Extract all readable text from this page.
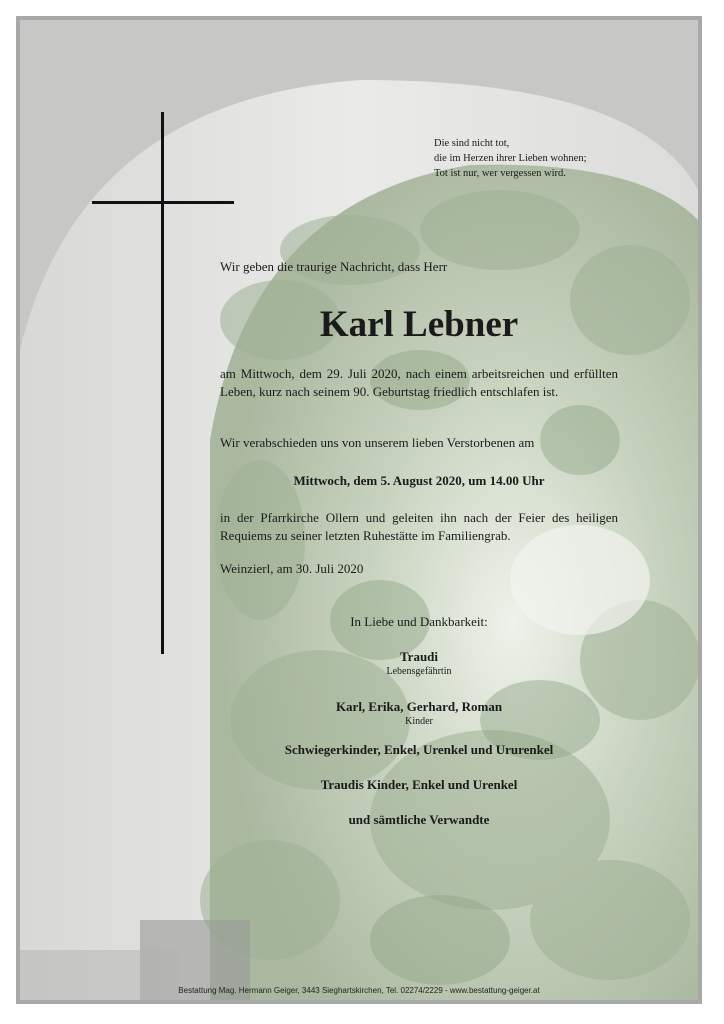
Die sind nicht tot,
die im Herzen ihrer Lieben wohnen;
Tot ist nur, wer vergessen wird.
Wir geben die traurige Nachricht, dass Herr
Karl Lebner
am Mittwoch, dem 29. Juli 2020, nach einem arbeitsreichen und erfüllten Leben, kurz nach seinem 90. Geburtstag friedlich entschlafen ist.
Wir verabschieden uns von unserem lieben Verstorbenen am
Mittwoch, dem 5. August 2020, um 14.00 Uhr
in der Pfarrkirche Ollern und geleiten ihn nach der Feier des heiligen Requiems zu seiner letzten Ruhestätte im Familiengrab.
Weinzierl, am 30. Juli 2020
In Liebe und Dankbarkeit:
Traudi
Lebensgefährtin
Karl, Erika, Gerhard, Roman
Kinder
Schwiegerkinder, Enkel, Urenkel und Ururenkel
Traudis Kinder, Enkel und Urenkel
und sämtliche Verwandte
Bestattung Mag. Hermann Geiger, 3443 Sieghartskirchen, Tel. 02274/2229 - www.bestattung-geiger.at
